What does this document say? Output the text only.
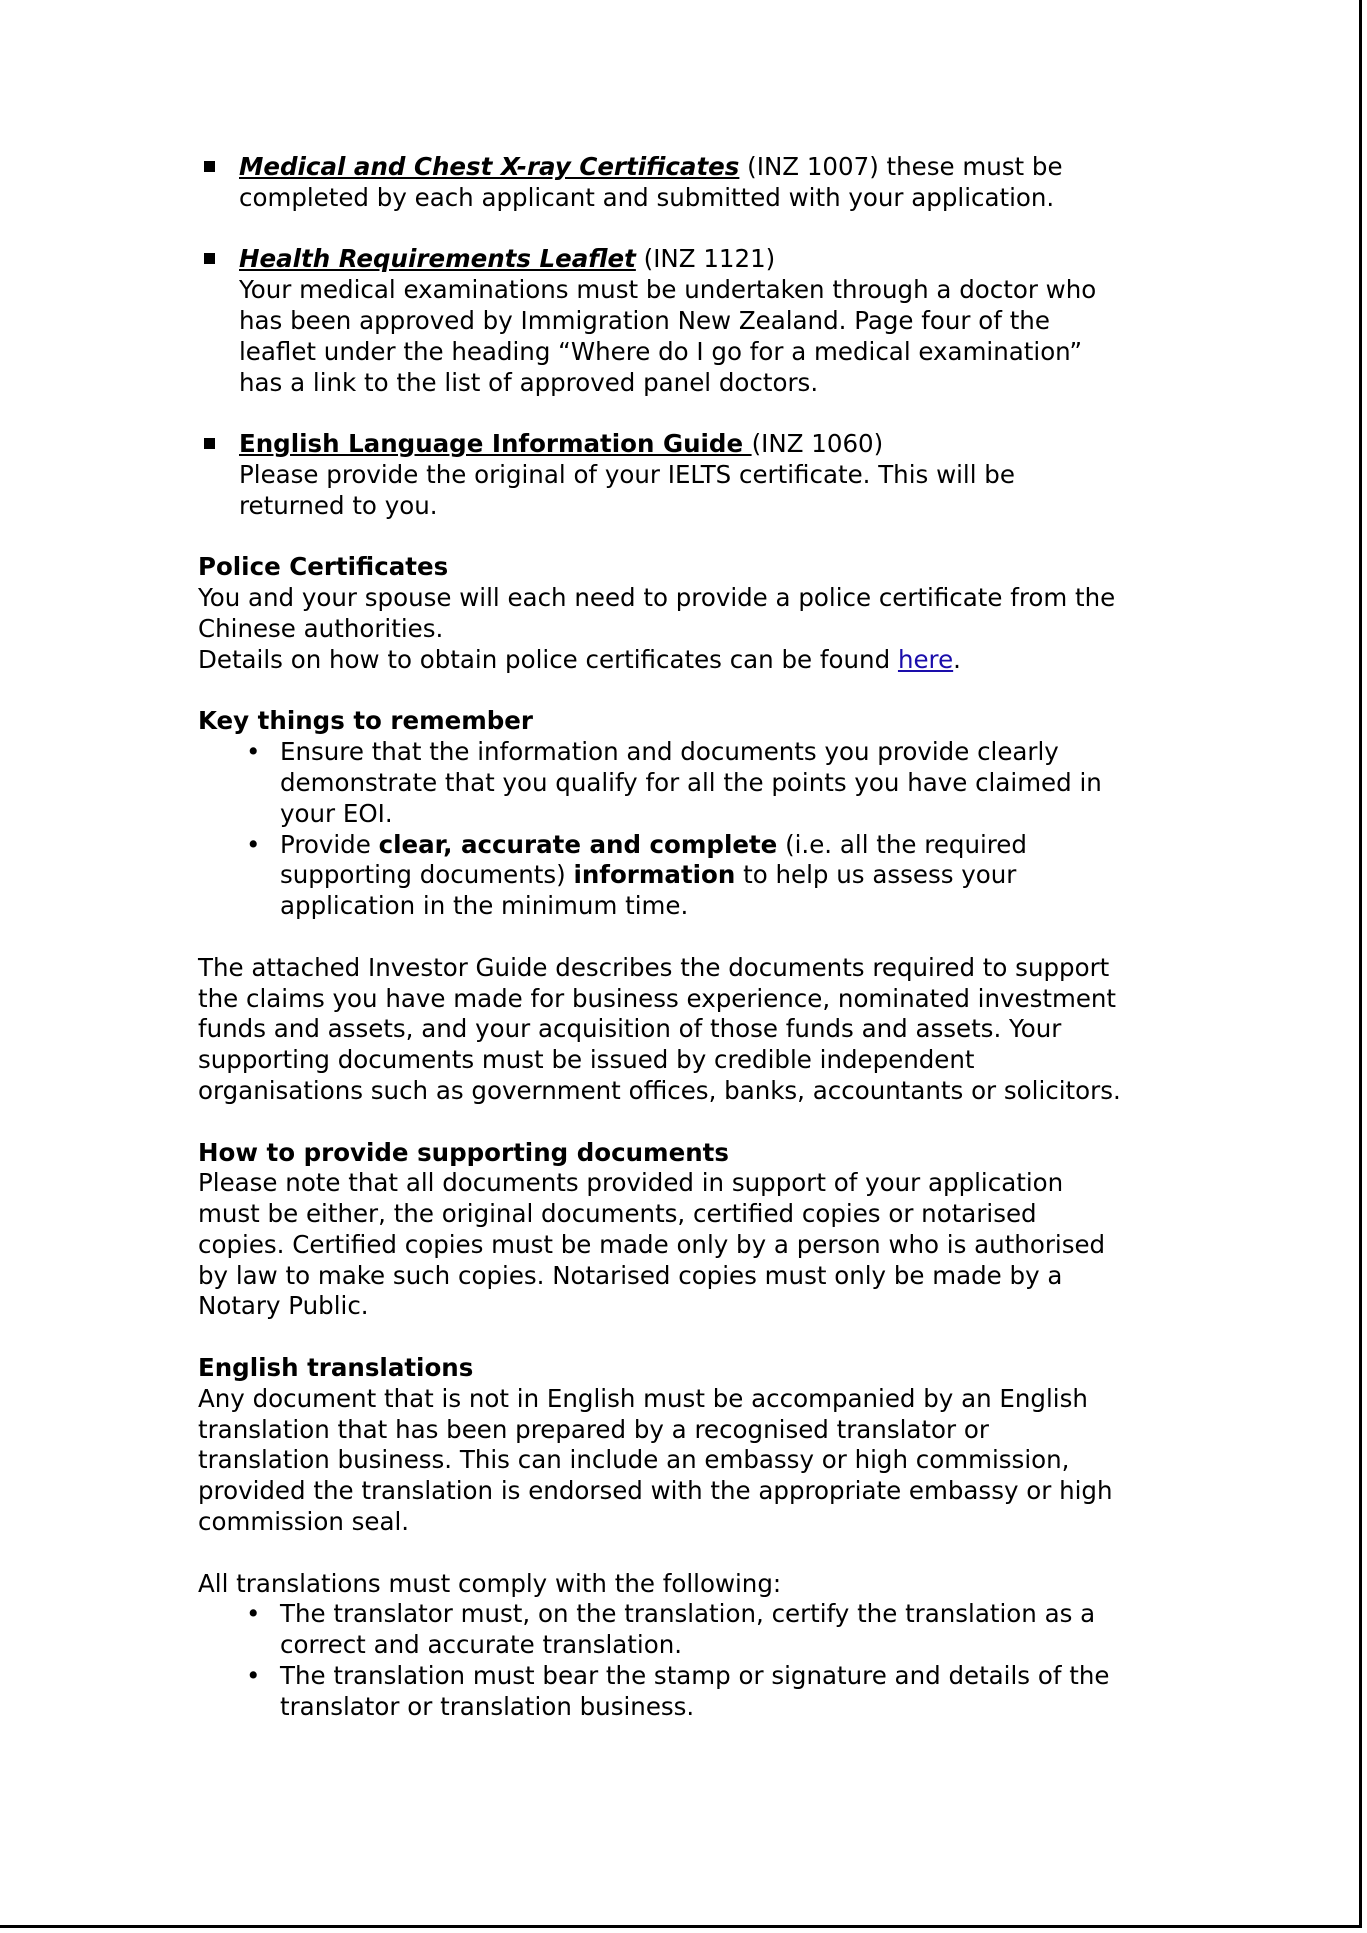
Medical and Chest X-ray Certificates (INZ 1007) these must be
completed by each applicant and submitted with your application.
Health Requirements Leaflet (INZ 1121)
Your medical examinations must be undertaken through a doctor who
has been approved by Immigration New Zealand. Page four of the
leaflet under the heading “Where do I go for a medical examination”
has a link to the list of approved panel doctors.
English Language Information Guide (INZ 1060)
Please provide the original of your IELTS certificate. This will be
returned to you.
Police Certificates
You and your spouse will each need to provide a police certificate from the
Chinese authorities.
Details on how to obtain police certificates can be found here.
Key things to remember
• Ensure that the information and documents you provide clearly
demonstrate that you qualify for all the points you have claimed in
your EOI.
• Provide clear, accurate and complete (i.e. all the required
supporting documents) information to help us assess your
application in the minimum time.
The attached Investor Guide describes the documents required to support
the claims you have made for business experience, nominated investment
funds and assets, and your acquisition of those funds and assets. Your
supporting documents must be issued by credible independent
organisations such as government offices, banks, accountants or solicitors.
How to provide supporting documents
Please note that all documents provided in support of your application
must be either, the original documents, certified copies or notarised
copies. Certified copies must be made only by a person who is authorised
by law to make such copies. Notarised copies must only be made by a
Notary Public.
English translations
Any document that is not in English must be accompanied by an English
translation that has been prepared by a recognised translator or
translation business. This can include an embassy or high commission,
provided the translation is endorsed with the appropriate embassy or high
commission seal.
All translations must comply with the following:
• The translator must, on the translation, certify the translation as a
correct and accurate translation.
• The translation must bear the stamp or signature and details of the
translator or translation business.
